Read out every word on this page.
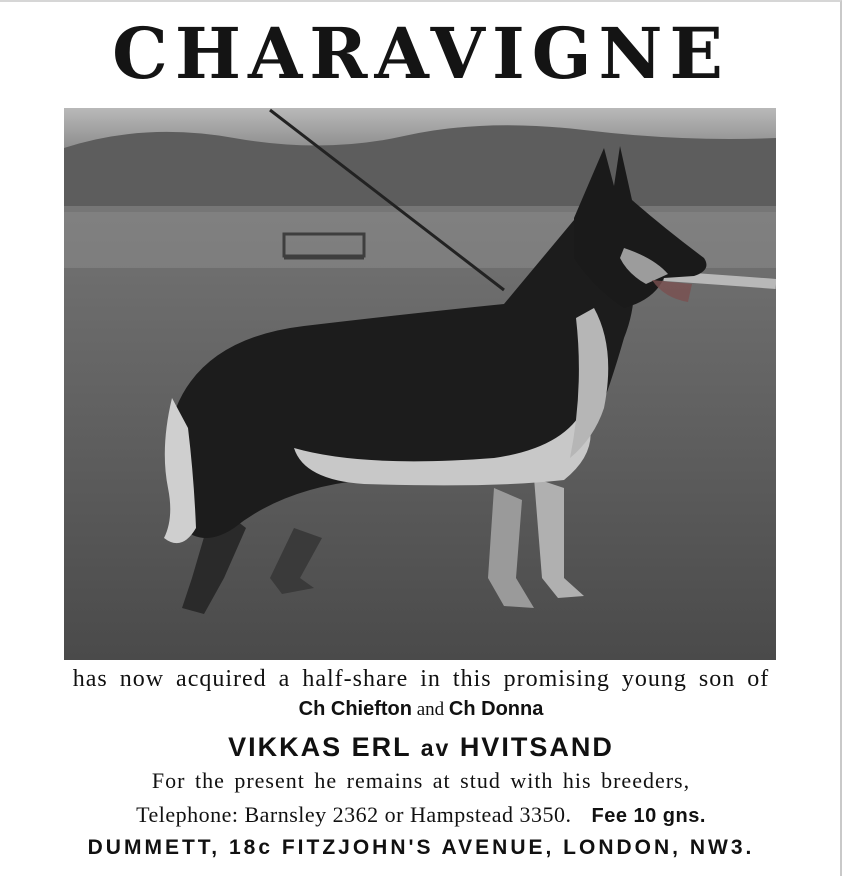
CHARAVIGNE
has now acquired a half-share in this promising young son of
Ch Chiefton and Ch Donna
VIKKAS ERL av HVITSAND
For the present he remains at stud with his breeders,
Telephone: Barnsley 2362 or Hampstead 3350. Fee 10 gns.
DUMMETT, 18c FITZJOHN'S AVENUE, LONDON, NW3.
